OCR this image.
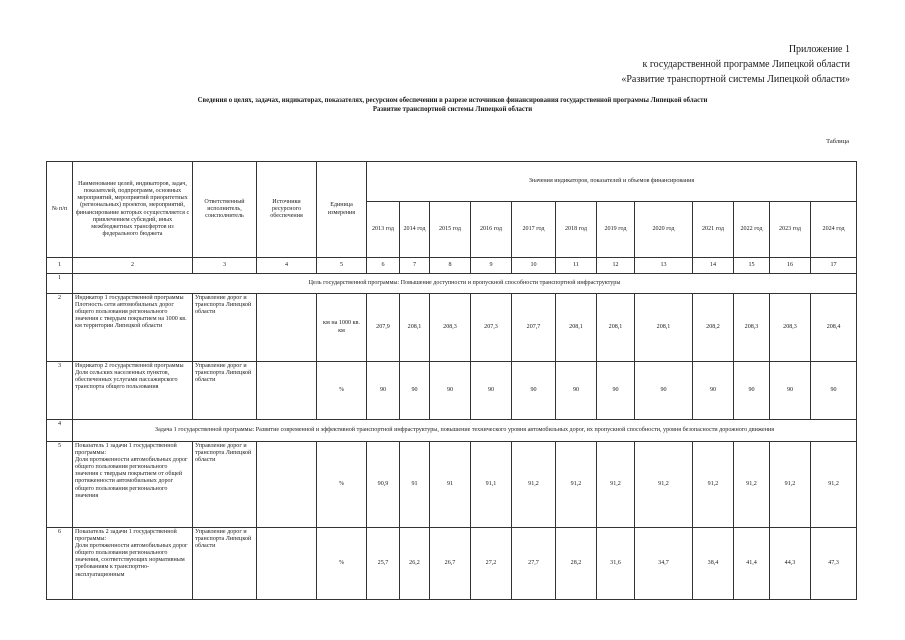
Приложение 1
к государственной программе Липецкой области
«Развитие транспортной системы Липецкой области»
Сведения о целях, задачах, индикаторах, показателях, ресурсном обеспечении в разрезе источников финансирования государственной программы Липецкой области
Развитие транспортной системы Липецкой области
Таблица
№ п/п	Наименование целей, индикаторов, задач, показателей, подпрограмм, основных мероприятий, мероприятий приоритетных (региональных) проектов, мероприятий, финансирование которых осуществляется с привлечением субсидий, иных межбюджетных трансфертов из федерального бюджета	Ответственный исполнитель, соисполнитель	Источники ресурсного обеспечения	Единица измерения	Значения индикаторов, показателей и объемов финансирования											
					2013 год	2014 год	2015 год	2016 год	2017 год	2018 год	2019 год	2020 год	2021 год	2022 год	2023 год	2024 год
1	2	3	4	5	6	7	8	9	10	11	12	13	14	15	16	17
1	Цель государственной программы: Повышение доступности и пропускной способности транспортной инфраструктуры															
2	Индикатор 1 государственной программы
Плотность сети автомобильных дорог общего пользования регионального значения с твердым покрытием на 1000 кв. км территории Липецкой области	Управление дорог и транспорта Липецкой области		км на 1000 кв. км	207,9	208,1	208,3	207,3	207,7	208,1	208,1	208,1	208,2	208,3	208,3	208,4
3	Индикатор 2 государственной программы
Доля сельских населенных пунктов, обеспеченных услугами пассажирского транспорта общего пользования	Управление дорог и транспорта Липецкой области		%	90	90	90	90	90	90	90	90	90	90	90	90
4	Задача 1 государственной программы: Развитие современной и эффективной транспортной инфраструктуры, повышение технического уровня автомобильных дорог, их пропускной способности, уровня безопасности дорожного движения															
5	Показатель 1 задачи 1 государственной программы:
Доля протяженности автомобильных дорог общего пользования регионального значения с твердым покрытием от общей протяженности автомобильных дорог общего пользования регионального значения	Управление дорог и транспорта Липецкой области		%	90,9	91	91	91,1	91,2	91,2	91,2	91,2	91,2	91,2	91,2	91,2
6	Показатель 2 задачи 1 государственной программы:
Доля протяженности автомобильных дорог общего пользования регионального значения, соответствующих нормативным требованиям к транспортно-эксплуатационным	Управление дорог и транспорта Липецкой области		%	25,7	26,2	26,7	27,2	27,7	28,2	31,6	34,7	38,4	41,4	44,3	47,3
